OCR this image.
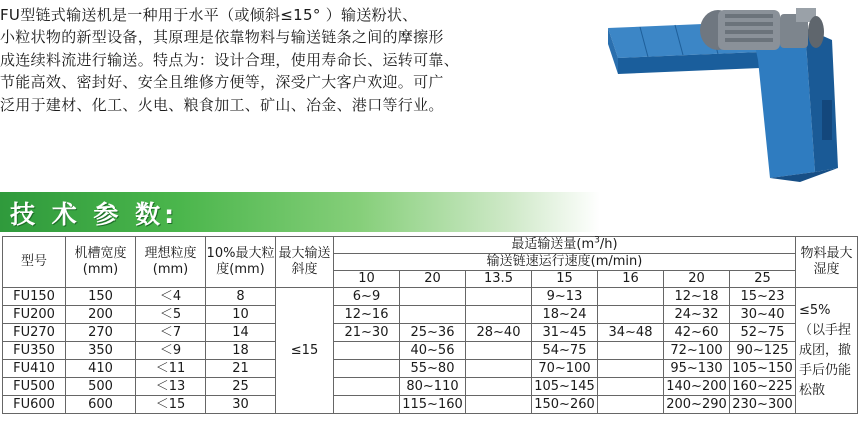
FU型链式输送机是一种用于水平（或倾斜≤15° ）输送粉状、

小粒状物的新型设备，其原理是依靠物料与输送链条之间的摩擦形

成连续料流进行输送。特点为：设计合理，使用寿命长、运转可靠、

节能高效、密封好、安全且维修方便等，深受广大客户欢迎。可广

泛用于建材、化工、火电、粮食加工、矿山、冶金、港口等行业。

技 术 参 数:
型号	机槽宽度(mm)	理想粒度(mm)	10%最大粒度(mm)	最大输送斜度	最适输送量$(m^3/h)$							物料最大湿度
					输送链速运行速度(m/min)							
					10	20	13.5	15	16	20	25	
FU150	150	＜4	8	≤15	6~9			9~13		12~18	15~23	≤5%（以手捏成团，撤手后仍能松散
FU200	200	＜5	10		12~16			18~24		24~32	30~40	
FU270	270	＜7	14		21~30	25~36	28~40	31~45	34~48	42~60	52~75	
FU350	350	＜9	18			40~56		54~75		72~100	90~125	
FU410	410	＜11	21			55~80		70~100		95~130	105~150	
FU500	500	＜13	25			80~110		105~145		140~200	160~225	
FU600	600	＜15	30			115~160		150~260		200~290	230~300	
